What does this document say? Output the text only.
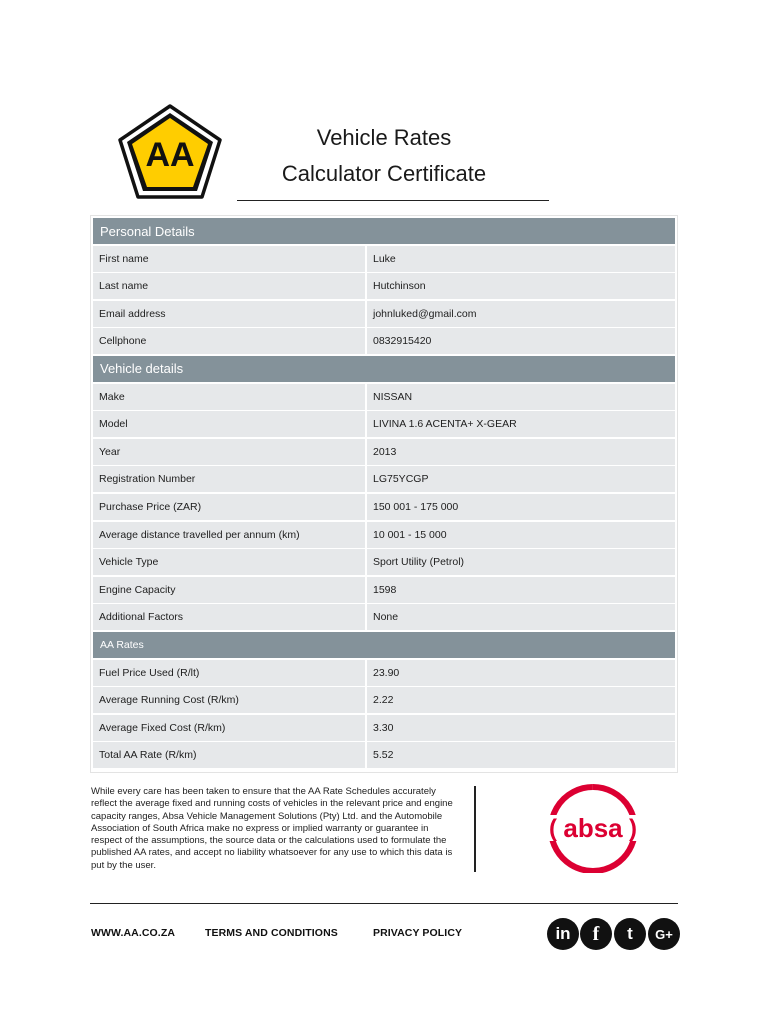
AA	Vehicle Rates
Calculator Certificate
Personal Details
First name	Luke
Last name	Hutchinson
Email address	johnluked@gmail.com
Cellphone	0832915420
Vehicle details
Make	NISSAN
Model	LIVINA 1.6 ACENTA+ X-GEAR
Year	2013
Registration Number	LG75YCGP
Purchase Price (ZAR)	150 001 - 175 000
Average distance travelled per annum (km)	10 001 - 15 000
Vehicle Type	Sport Utility (Petrol)
Engine Capacity	1598
Additional Factors	None
AA Rates
Fuel Price Used (R/lt)	23.90
Average Running Cost (R/km)	2.22
Average Fixed Cost (R/km)	3.30
Total AA Rate (R/km)	5.52
While every care has been taken to ensure that the AA Rate Schedules accurately reflect the average fixed and running costs of vehicles in the relevant price and engine capacity ranges, Absa Vehicle Management Solutions (Pty) Ltd. and the Automobile Association of South Africa make no express or implied warranty or guarantee in respect of the assumptions, the source data or the calculations used to formulate the published AA rates, and accept no liability whatsoever for any use to which this data is put by the user.
absa
(	)
WWW.AA.CO.ZA	TERMS AND CONDITIONS	PRIVACY POLICY	in	f	t	G+
